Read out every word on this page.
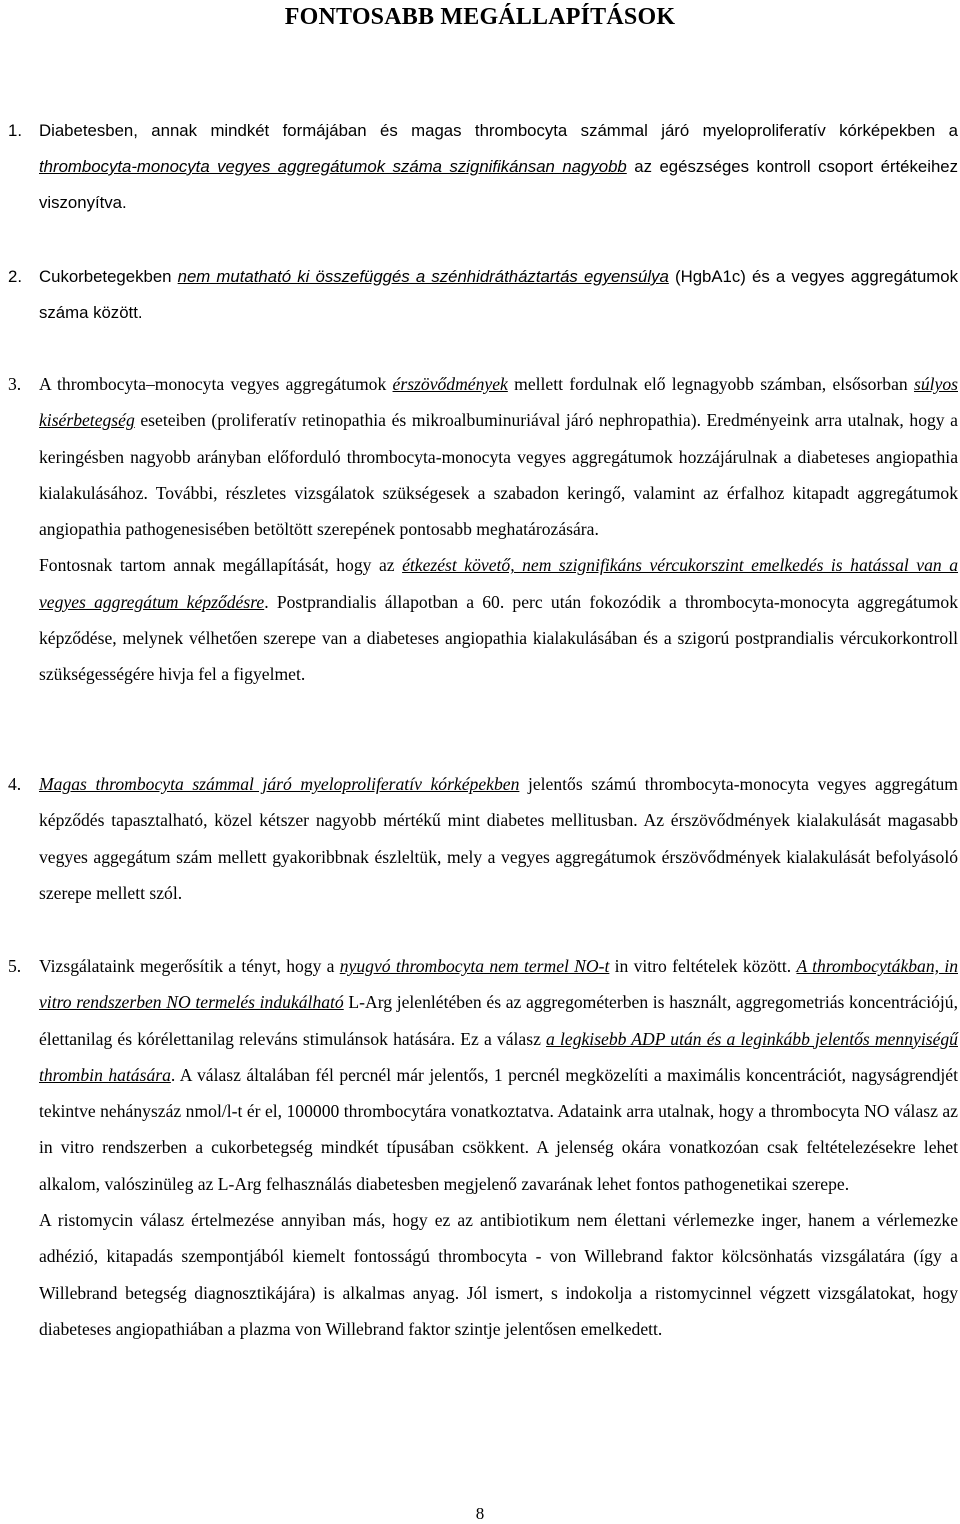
FONTOSABB MEGÁLLAPÍTÁSOK
1.	Diabetesben, annak mindkét formájában és magas thrombocyta számmal járó myeloproliferatív kórképekben a thrombocyta-monocyta vegyes aggregátumok száma szignifikánsan nagyobb az egészséges kontroll csoport értékeihez viszonyítva.

2.	Cukorbetegekben nem mutatható ki összefüggés a szénhidrátháztartás egyensúlya (HgbA1c) és a vegyes aggregátumok száma között.

3.	A thrombocyta–monocyta vegyes aggregátumok érszövődmények mellett fordulnak elő legnagyobb számban, elsősorban súlyos kisérbetegség eseteiben (proliferatív retinopathia és mikroalbuminuriával járó nephropathia). Eredményeink arra utalnak, hogy a keringésben nagyobb arányban előforduló thrombocyta-monocyta vegyes aggregátumok hozzájárulnak a diabeteses angiopathia kialakulásához. További, részletes vizsgálatok szükségesek a szabadon keringő, valamint az érfalhoz kitapadt aggregátumok angiopathia pathogenesisében betöltött szerepének pontosabb meghatározására.

Fontosnak tartom annak megállapítását, hogy az étkezést követő, nem szignifikáns vércukorszint emelkedés is hatással van a vegyes aggregátum képződésre. Postprandialis állapotban a 60. perc után fokozódik a thrombocyta-monocyta aggregátumok képződése, melynek vélhetően szerepe van a diabeteses angiopathia kialakulásában és a szigorú postprandialis vércukorkontroll szükségességére hivja fel a figyelmet.

4.	Magas thrombocyta számmal járó myeloproliferatív kórképekben jelentős számú thrombocyta-monocyta vegyes aggregátum képződés tapasztalható, közel kétszer nagyobb mértékű mint diabetes mellitusban. Az érszövődmények kialakulását magasabb vegyes aggegátum szám mellett gyakoribbnak észleltük, mely a vegyes aggregátumok érszövődmények kialakulását befolyásoló szerepe mellett szól.

5.	Vizsgálataink megerősítik a tényt, hogy a nyugvó thrombocyta nem termel NO-t in vitro feltételek között. A thrombocytákban, in vitro rendszerben NO termelés indukálható L-Arg jelenlétében és az aggregométerben is használt, aggregometriás koncentrációjú, élettanilag és kórélettanilag releváns stimulánsok hatására. Ez a válasz a legkisebb ADP után és a leginkább jelentős mennyiségű thrombin hatására. A válasz általában fél percnél már jelentős, 1 percnél megközelíti a maximális koncentrációt, nagyságrendjét tekintve nehányszáz nmol/l-t ér el, 100000 thrombocytára vonatkoztatva. Adataink arra utalnak, hogy a thrombocyta NO válasz az in vitro rendszerben a cukorbetegség mindkét típusában csökkent. A jelenség okára vonatkozóan csak feltételezésekre lehet alkalom, valószinüleg az L-Arg felhasználás diabetesben megjelenő zavarának lehet fontos pathogenetikai szerepe.

A ristomycin válasz értelmezése annyiban más, hogy ez az antibiotikum nem élettani vérlemezke inger, hanem a vérlemezke adhézió, kitapadás szempontjából kiemelt fontosságú thrombocyta - von Willebrand faktor kölcsönhatás vizsgálatára (így a Willebrand betegség diagnosztikájára) is alkalmas anyag. Jól ismert, s indokolja a ristomycinnel végzett vizsgálatokat, hogy diabeteses angiopathiában a plazma von Willebrand faktor szintje jelentősen emelkedett.

8
